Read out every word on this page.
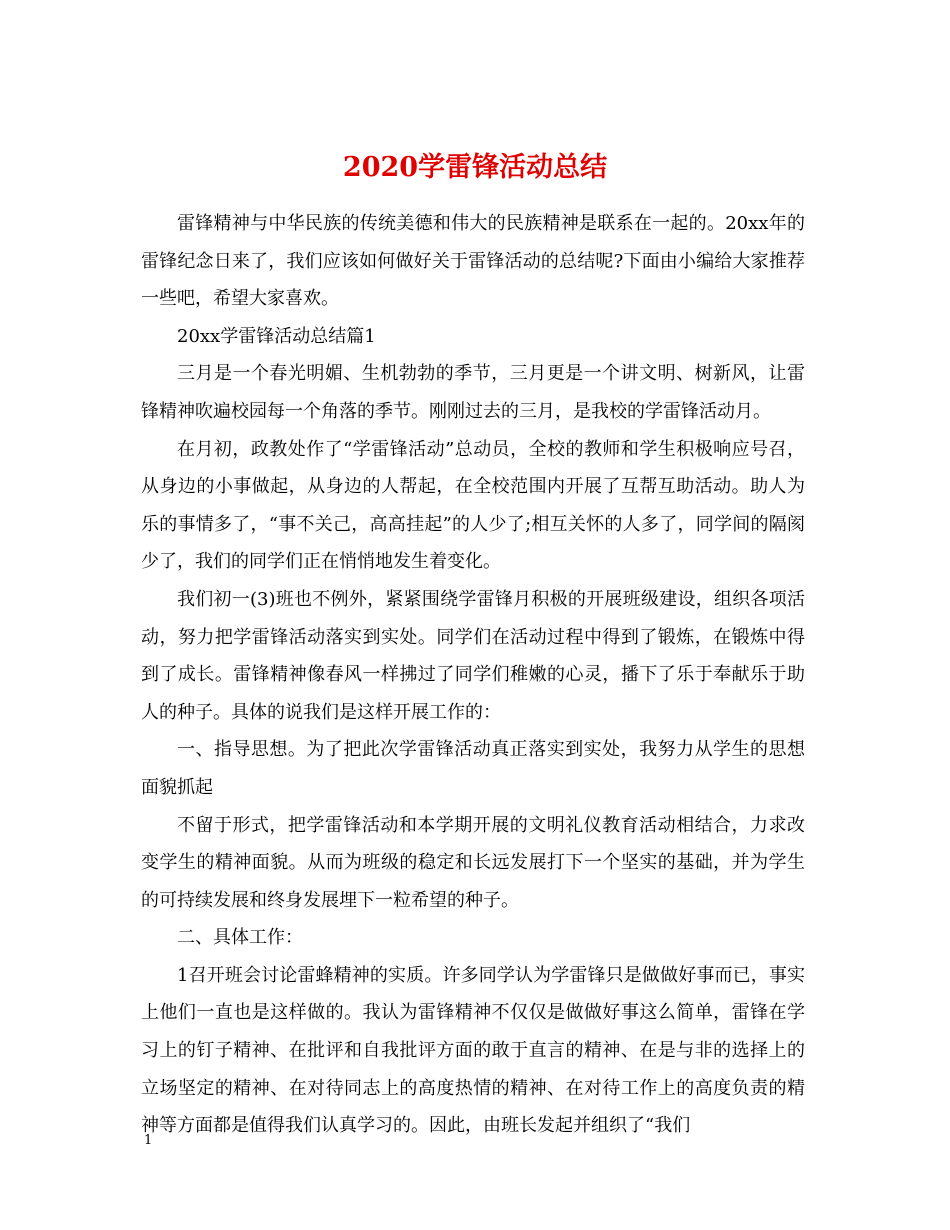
2020学雷锋活动总结

雷锋精神与中华民族的传统美德和伟大的民族精神是联系在一起的。20xx年的雷锋纪念日来了，我们应该如何做好关于雷锋活动的总结呢?下面由小编给大家推荐一些吧，希望大家喜欢。

20xx学雷锋活动总结篇1

三月是一个春光明媚、生机勃勃的季节，三月更是一个讲文明、树新风，让雷锋精神吹遍校园每一个角落的季节。刚刚过去的三月，是我校的学雷锋活动月。

在月初，政教处作了“学雷锋活动”总动员，全校的教师和学生积极响应号召，从身边的小事做起，从身边的人帮起，在全校范围内开展了互帮互助活动。助人为乐的事情多了，“事不关己，高高挂起”的人少了;相互关怀的人多了，同学间的隔阂少了，我们的同学们正在悄悄地发生着变化。

我们初一(3)班也不例外，紧紧围绕学雷锋月积极的开展班级建设，组织各项活动，努力把学雷锋活动落实到实处。同学们在活动过程中得到了锻炼，在锻炼中得到了成长。雷锋精神像春风一样拂过了同学们稚嫩的心灵，播下了乐于奉献乐于助人的种子。具体的说我们是这样开展工作的：

一、指导思想。为了把此次学雷锋活动真正落实到实处，我努力从学生的思想面貌抓起

不留于形式，把学雷锋活动和本学期开展的文明礼仪教育活动相结合，力求改变学生的精神面貌。从而为班级的稳定和长远发展打下一个坚实的基础，并为学生的可持续发展和终身发展埋下一粒希望的种子。

二、具体工作：

1召开班会讨论雷蜂精神的实质。许多同学认为学雷锋只是做做好事而已，事实上他们一直也是这样做的。我认为雷锋精神不仅仅是做做好事这么简单，雷锋在学习上的钉子精神、在批评和自我批评方面的敢于直言的精神、在是与非的选择上的立场坚定的精神、在对待同志上的高度热情的精神、在对待工作上的高度负责的精神等方面都是值得我们认真学习的。因此，由班长发起并组织了“我们

1
